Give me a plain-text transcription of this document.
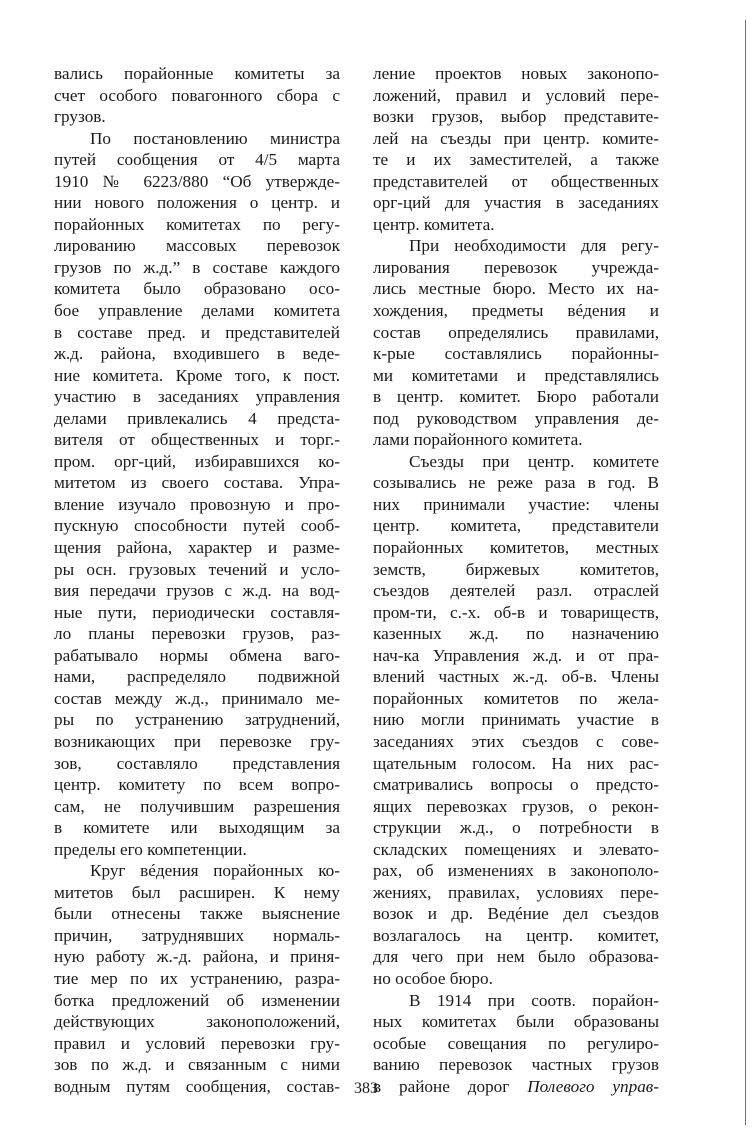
вались порайонные комитеты за
счет особого повагонного сбора с
грузов.
По постановлению министра
путей сообщения от 4/5 марта
1910 № 6223/880 “Об утвержде-
нии нового положения о центр. и
порайонных комитетах по регу-
лированию массовых перевозок
грузов по ж.д.” в составе каждого
комитета было образовано осо-
бое управление делами комитета
в составе пред. и представителей
ж.д. района, входившего в веде-
ние комитета. Кроме того, к пост.
участию в заседаниях управления
делами привлекались 4 предста-
вителя от общественных и торг.-
пром. орг-ций, избиравшихся ко-
митетом из своего состава. Упра-
вление изучало провозную и про-
пускную способности путей сооб-
щения района, характер и разме-
ры осн. грузовых течений и усло-
вия передачи грузов с ж.д. на вод-
ные пути, периодически составля-
ло планы перевозки грузов, раз-
рабатывало нормы обмена ваго-
нами, распределяло подвижной
состав между ж.д., принимало ме-
ры по устранению затруднений,
возникающих при перевозке гру-
зов, составляло представления
центр. комитету по всем вопро-
сам, не получившим разрешения
в комитете или выходящим за
пределы его компетенции.
Круг вéдения порайонных ко-
митетов был расширен. К нему
были отнесены также выяснение
причин, затруднявших нормаль-
ную работу ж.-д. района, и приня-
тие мер по их устранению, разра-
ботка предложений об изменении
действующих законоположений,
правил и условий перевозки гру-
зов по ж.д. и связанным с ними
водным путям сообщения, состав-
ление проектов новых законопо-
ложений, правил и условий пере-
возки грузов, выбор представите-
лей на съезды при центр. комите-
те и их заместителей, а также
представителей от общественных
орг-ций для участия в заседаниях
центр. комитета.
При необходимости для регу-
лирования перевозок учрежда-
лись местные бюро. Место их на-
хождения, предметы вéдения и
состав определялись правилами,
к-рые составлялись порайонны-
ми комитетами и представлялись
в центр. комитет. Бюро работали
под руководством управления де-
лами порайонного комитета.
Съезды при центр. комитете
созывались не реже раза в год. В
них принимали участие: члены
центр. комитета, представители
порайонных комитетов, местных
земств, биржевых комитетов,
съездов деятелей разл. отраслей
пром-ти, с.-х. об-в и товариществ,
казенных ж.д. по назначению
нач-ка Управления ж.д. и от пра-
влений частных ж.-д. об-в. Члены
порайонных комитетов по жела-
нию могли принимать участие в
заседаниях этих съездов с сове-
щательным голосом. На них рас-
сматривались вопросы о предсто-
ящих перевозках грузов, о рекон-
струкции ж.д., о потребности в
складских помещениях и элевато-
рах, об изменениях в законополо-
жениях, правилах, условиях пере-
возок и др. Ведéние дел съездов
возлагалось на центр. комитет,
для чего при нем было образова-
но особое бюро.
В 1914 при соотв. порайон-
ных комитетах были образованы
особые совещания по регулиро-
ванию перевозок частных грузов
в районе дорог Полевого управ-
383
